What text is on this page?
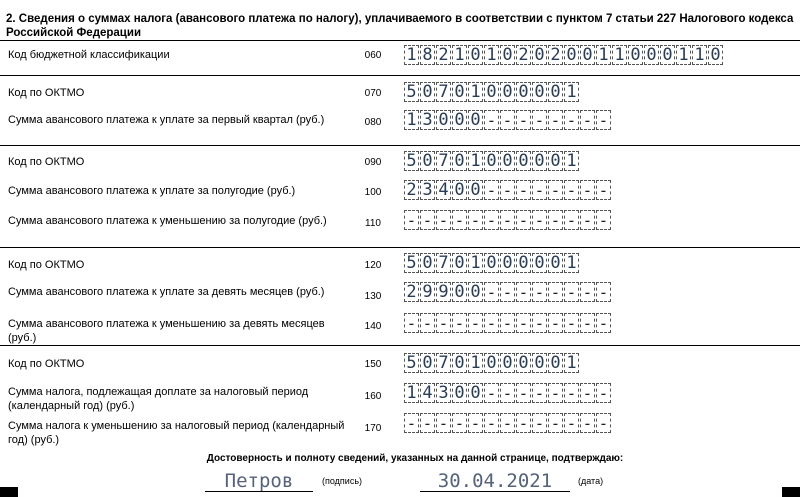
2. Сведения о суммах налога (авансового платежа по налогу), уплачиваемого в соответствии с пунктом 7 статьи 227 Налогового кодекса Российской Федерации
Код бюджетной классификации	060 1 8 2 1 0 1 0 2 0 2 0 0 1 1 0 0 0 1 1 0
Код по ОКТМО	070 5 0 7 0 1 0 0 0 0 0 1
Сумма авансового платежа к уплате за первый квартал (руб.)	080 1 3 0 0 0 - - - - - - - -
Код по ОКТМО	090 5 0 7 0 1 0 0 0 0 0 1
Сумма авансового платежа к уплате за полугодие (руб.)	100 2 3 4 0 0 - - - - - - - -
Сумма авансового платежа к уменьшению за полугодие (руб.)	110	- - - - - - - - - - - - -
Код по ОКТМО	120 5 0 7 0 1 0 0 0 0 0 1
Сумма авансового платежа к уплате за девять месяцев (руб.)	130 2 9 9 0 0 - - - - - - - -
Сумма авансового платежа к уменьшению за девять месяцев (руб.)
140 - - - - - - - - - - - - -
Код по ОКТМО	150 5 0 7 0 1 0 0 0 0 0 1
Сумма налога, подлежащая доплате за налоговый период (календарный год) (руб.)
160 1 4 3 0 0 - - - - - - - -
Сумма налога к уменьшению за налоговый период (календарный год) (руб.)
170 - - - - - - - - - - - - -
Достоверность и полноту сведений, указанных на данной странице, подтверждаю:
Петров	(подпись)	30.04.2021	(дата)
